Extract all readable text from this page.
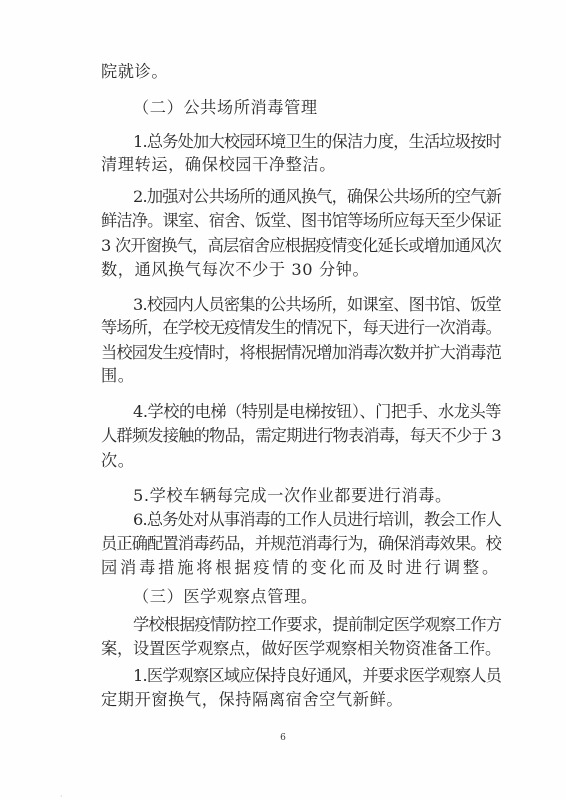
院就诊。
（二）公共场所消毒管理
1.总务处加大校园环境卫生的保洁力度，生活垃圾按时
清理转运，确保校园干净整洁。
2.加强对公共场所的通风换气，确保公共场所的空气新
鲜洁净。课室、宿舍、饭堂、图书馆等场所应每天至少保证
3 次开窗换气，高层宿舍应根据疫情变化延长或增加通风次
数，通风换气每次不少于 30 分钟。
3.校园内人员密集的公共场所，如课室、图书馆、饭堂
等场所，在学校无疫情发生的情况下，每天进行一次消毒。
当校园发生疫情时，将根据情况增加消毒次数并扩大消毒范
围。
4.学校的电梯（特别是电梯按钮）、门把手、水龙头等
人群频发接触的物品，需定期进行物表消毒，每天不少于 3
次。
5.学校车辆每完成一次作业都要进行消毒。
6.总务处对从事消毒的工作人员进行培训，教会工作人
员正确配置消毒药品，并规范消毒行为，确保消毒效果。校
园消毒措施将根据疫情的变化而及时进行调整。
（三）医学观察点管理。
学校根据疫情防控工作要求，提前制定医学观察工作方
案，设置医学观察点，做好医学观察相关物资准备工作。
1.医学观察区域应保持良好通风，并要求医学观察人员
定期开窗换气，保持隔离宿舍空气新鲜。
6
·
